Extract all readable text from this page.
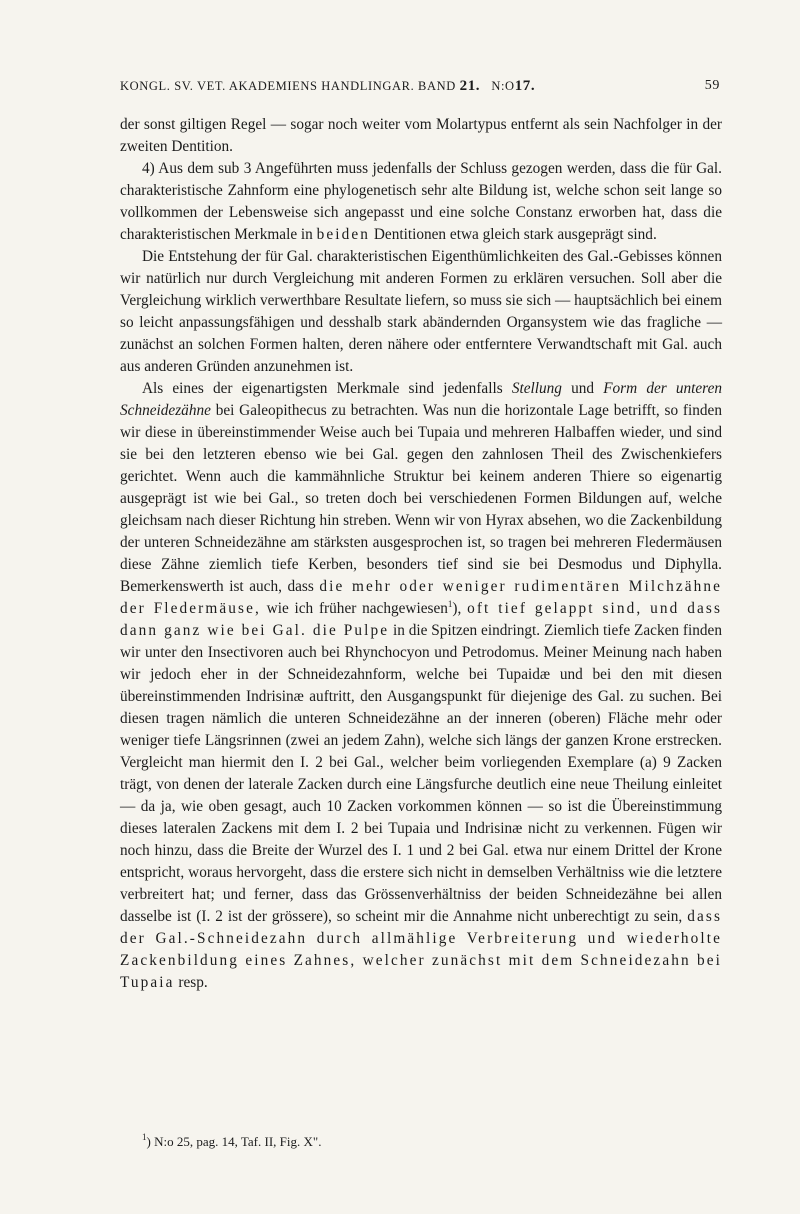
KONGL. SV. VET. AKADEMIENS HANDLINGAR. BAND 21. N:O17.	59

der sonst giltigen Regel — sogar noch weiter vom Molartypus entfernt als sein Nachfolger in der zweiten Dentition.

4) Aus dem sub 3 Angeführten muss jedenfalls der Schluss gezogen werden, dass die für Gal. charakteristische Zahnform eine phylogenetisch sehr alte Bildung ist, welche schon seit lange so vollkommen der Lebensweise sich angepasst und eine solche Constanz erworben hat, dass die charakteristischen Merkmale in beiden Dentitionen etwa gleich stark ausgeprägt sind.

Die Entstehung der für Gal. charakteristischen Eigenthümlichkeiten des Gal.-Gebisses können wir natürlich nur durch Vergleichung mit anderen Formen zu erklären versuchen. Soll aber die Vergleichung wirklich verwerthbare Resultate liefern, so muss sie sich — hauptsächlich bei einem so leicht anpassungsfähigen und desshalb stark abändernden Organsystem wie das fragliche — zunächst an solchen Formen halten, deren nähere oder entferntere Verwandtschaft mit Gal. auch aus anderen Gründen anzunehmen ist.

Als eines der eigenartigsten Merkmale sind jedenfalls Stellung und Form der unteren Schneidezähne bei Galeopithecus zu betrachten. Was nun die horizontale Lage betrifft, so finden wir diese in übereinstimmender Weise auch bei Tupaia und mehreren Halbaffen wieder, und sind sie bei den letzteren ebenso wie bei Gal. gegen den zahnlosen Theil des Zwischenkiefers gerichtet. Wenn auch die kammähnliche Struktur bei keinem anderen Thiere so eigenartig ausgeprägt ist wie bei Gal., so treten doch bei verschiedenen Formen Bildungen auf, welche gleichsam nach dieser Richtung hin streben. Wenn wir von Hyrax absehen, wo die Zackenbildung der unteren Schneidezähne am stärksten ausgesprochen ist, so tragen bei mehreren Fledermäusen diese Zähne ziemlich tiefe Kerben, besonders tief sind sie bei Desmodus und Diphylla. Bemerkenswerth ist auch, dass die mehr oder weniger rudimentären Milchzähne der Fledermäuse, wie ich früher nachgewiesen$^1$), oft tief gelappt sind, und dass dann ganz wie bei Gal. die Pulpe in die Spitzen eindringt. Ziemlich tiefe Zacken finden wir unter den Insectivoren auch bei Rhynchocyon und Petrodomus. Meiner Meinung nach haben wir jedoch eher in der Schneidezahnform, welche bei Tupaidæ und bei den mit diesen übereinstimmenden Indrisinæ auftritt, den Ausgangspunkt für diejenige des Gal. zu suchen. Bei diesen tragen nämlich die unteren Schneidezähne an der inneren (oberen) Fläche mehr oder weniger tiefe Längsrinnen (zwei an jedem Zahn), welche sich längs der ganzen Krone erstrecken. Vergleicht man hiermit den I. 2 bei Gal., welcher beim vorliegenden Exemplare (a) 9 Zacken trägt, von denen der laterale Zacken durch eine Längsfurche deutlich eine neue Theilung einleitet — da ja, wie oben gesagt, auch 10 Zacken vorkommen können — so ist die Übereinstimmung dieses lateralen Zackens mit dem I. 2 bei Tupaia und Indrisinæ nicht zu verkennen. Fügen wir noch hinzu, dass die Breite der Wurzel des I. 1 und 2 bei Gal. etwa nur einem Drittel der Krone entspricht, woraus hervorgeht, dass die erstere sich nicht in demselben Verhältniss wie die letztere verbreitert hat; und ferner, dass das Grössenverhältniss der beiden Schneidezähne bei allen dasselbe ist (I. 2 ist der grössere), so scheint mir die Annahme nicht unberechtigt zu sein, dass der Gal.-Schneidezahn durch allmählige Verbreiterung und wiederholte Zackenbildung eines Zahnes, welcher zunächst mit dem Schneidezahn bei Tupaia resp.

$^1$) N:o 25, pag. 14, Taf. II, Fig. X".
